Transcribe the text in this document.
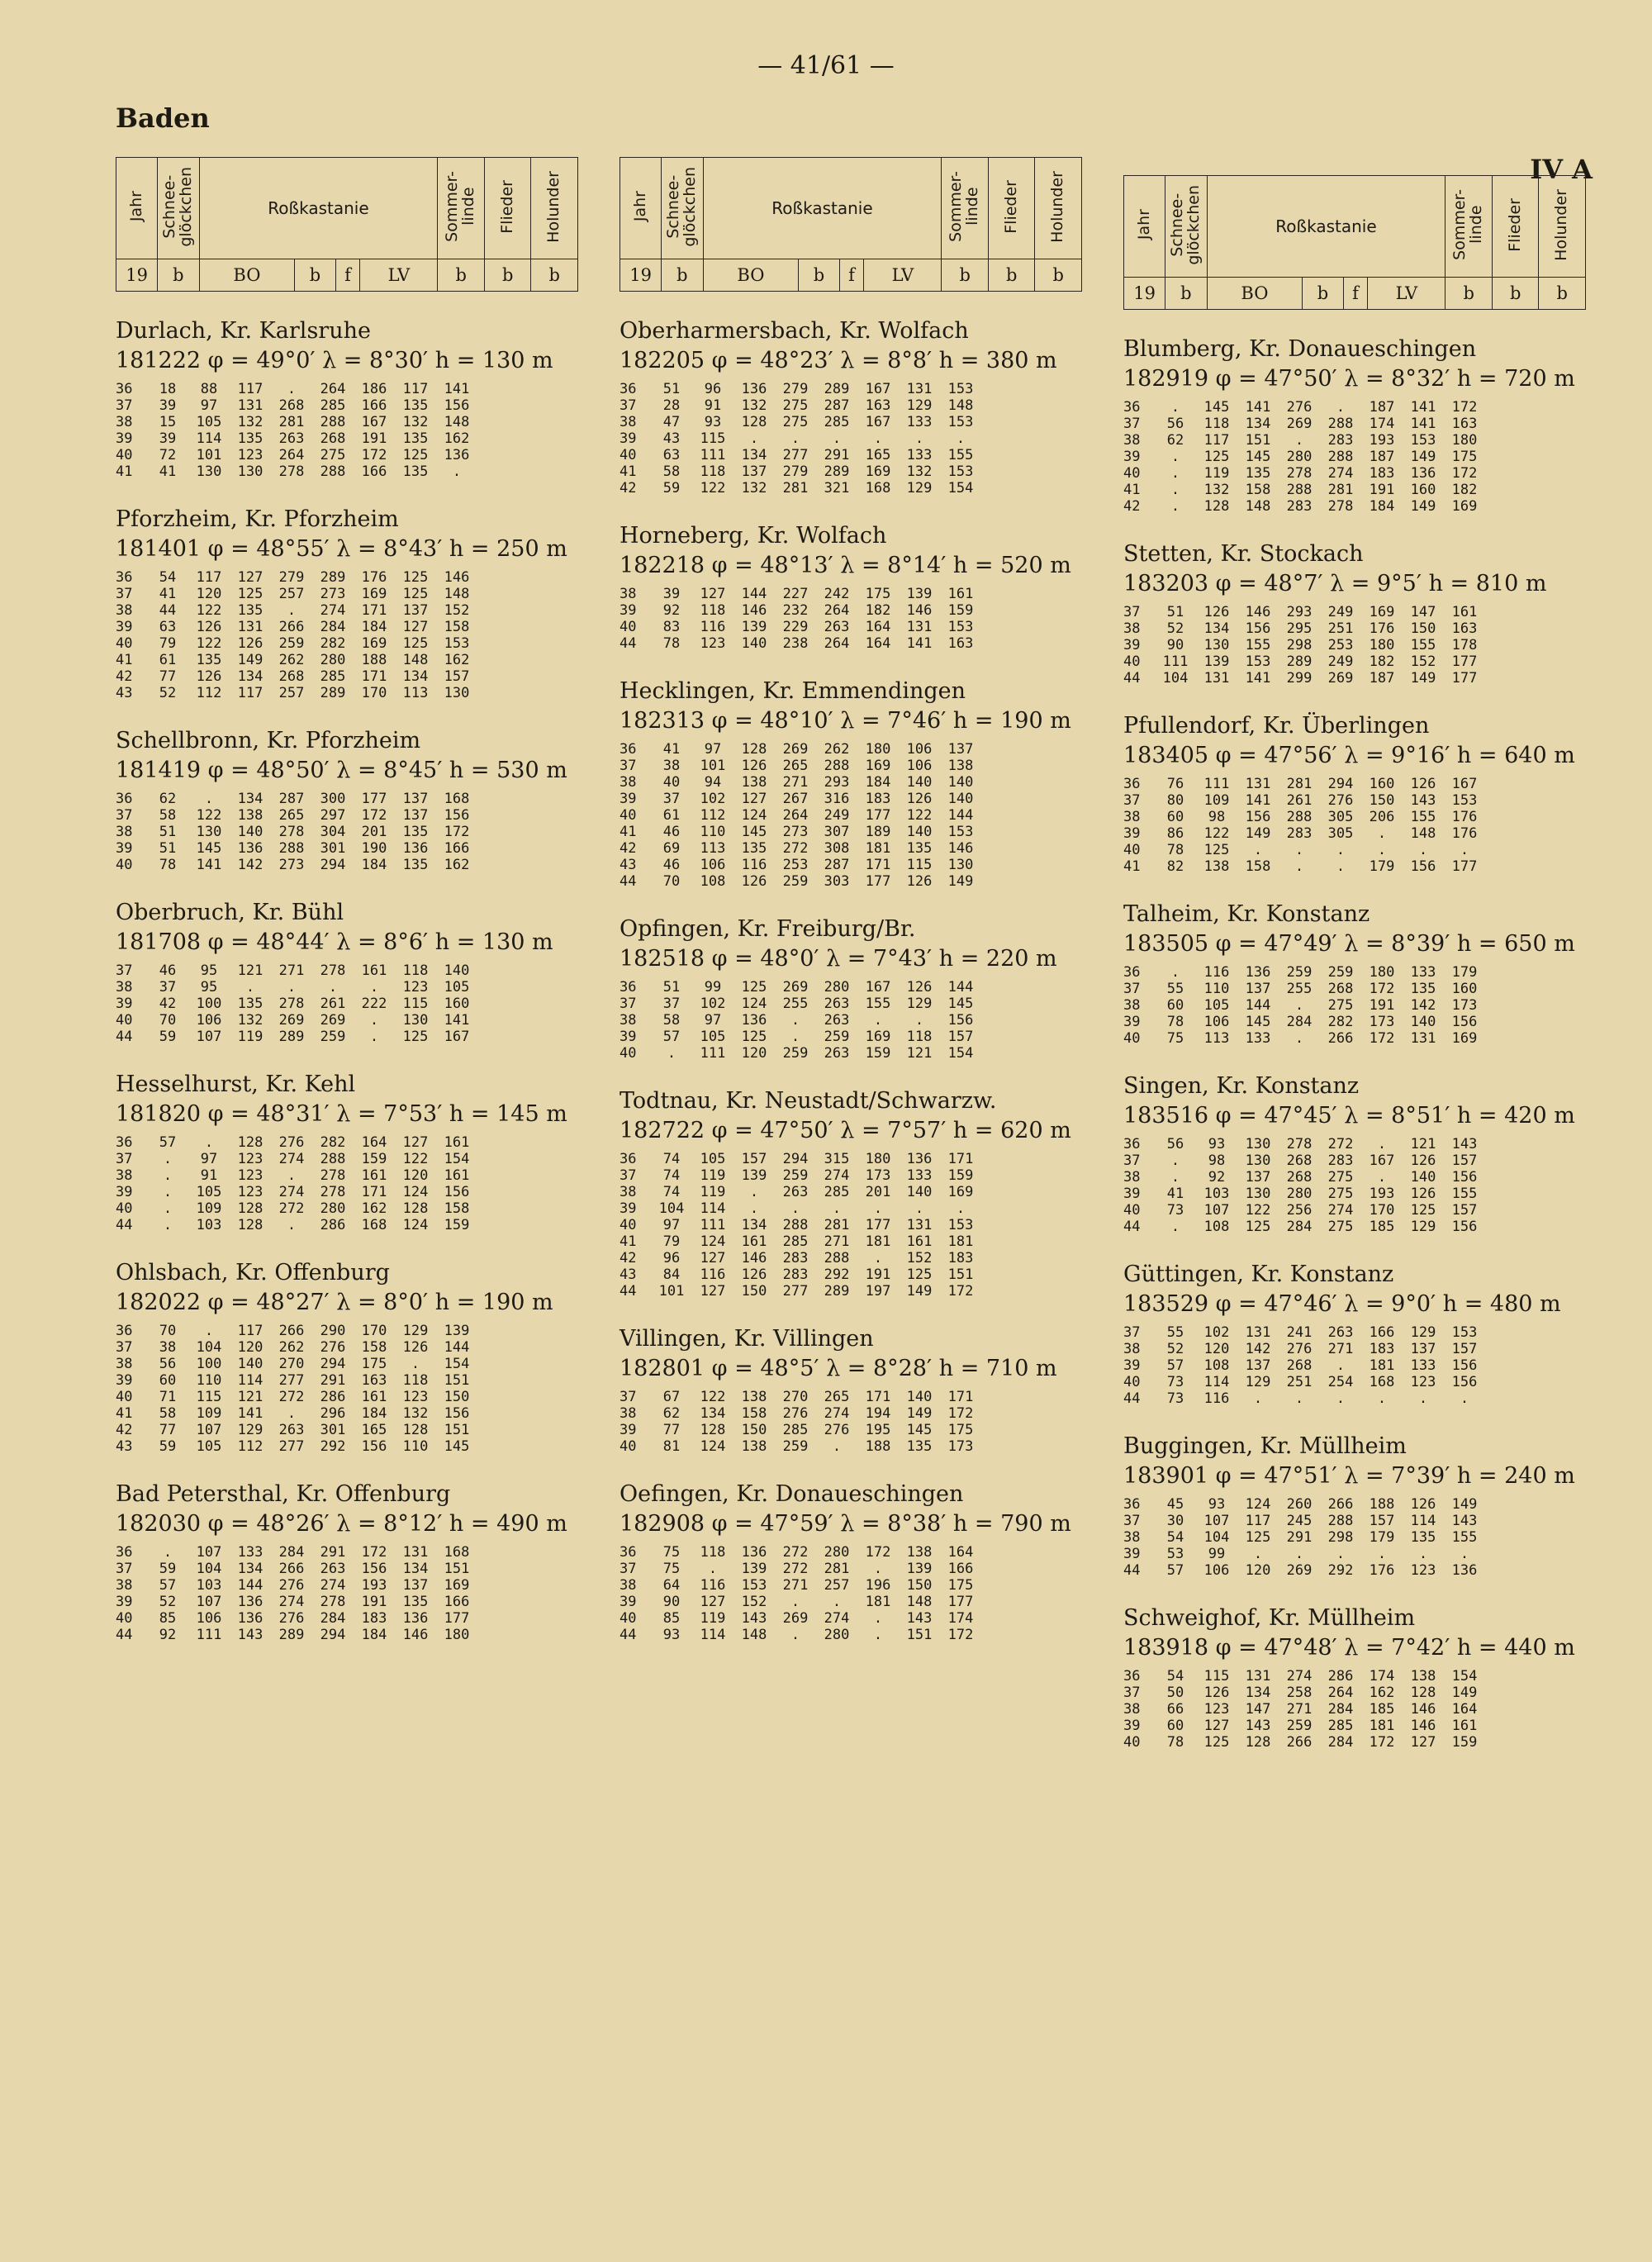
— 41/61 —
Baden
IV A
Jahr	Schnee-
glöckchen	Roßkastanie				Sommer-
linde	Flieder	Holunder
19	b	BO	b	f	LV	b	b	b
Durlach, Kr. Karlsruhe
181222 φ = 49°0′ λ = 8°30′ h = 130 m
36	18	88	117	.	264	186	117	141
37	39	97	131	268	285	166	135	156
38	15	105	132	281	288	167	132	148
39	39	114	135	263	268	191	135	162
40	72	101	123	264	275	172	125	136
41	41	130	130	278	288	166	135	.
Pforzheim, Kr. Pforzheim
181401 φ = 48°55′ λ = 8°43′ h = 250 m
36	54	117	127	279	289	176	125	146
37	41	120	125	257	273	169	125	148
38	44	122	135	.	274	171	137	152
39	63	126	131	266	284	184	127	158
40	79	122	126	259	282	169	125	153
41	61	135	149	262	280	188	148	162
42	77	126	134	268	285	171	134	157
43	52	112	117	257	289	170	113	130
Schellbronn, Kr. Pforzheim
181419 φ = 48°50′ λ = 8°45′ h = 530 m
36	62	.	134	287	300	177	137	168
37	58	122	138	265	297	172	137	156
38	51	130	140	278	304	201	135	172
39	51	145	136	288	301	190	136	166
40	78	141	142	273	294	184	135	162
Oberbruch, Kr. Bühl
181708 φ = 48°44′ λ = 8°6′ h = 130 m
37	46	95	121	271	278	161	118	140
38	37	95	.	.	.	.	123	105
39	42	100	135	278	261	222	115	160
40	70	106	132	269	269	.	130	141
44	59	107	119	289	259	.	125	167
Hesselhurst, Kr. Kehl
181820 φ = 48°31′ λ = 7°53′ h = 145 m
36	57	.	128	276	282	164	127	161
37	.	97	123	274	288	159	122	154
38	.	91	123	.	278	161	120	161
39	.	105	123	274	278	171	124	156
40	.	109	128	272	280	162	128	158
44	.	103	128	.	286	168	124	159
Ohlsbach, Kr. Offenburg
182022 φ = 48°27′ λ = 8°0′ h = 190 m
36	70	.	117	266	290	170	129	139
37	38	104	120	262	276	158	126	144
38	56	100	140	270	294	175	.	154
39	60	110	114	277	291	163	118	151
40	71	115	121	272	286	161	123	150
41	58	109	141	.	296	184	132	156
42	77	107	129	263	301	165	128	151
43	59	105	112	277	292	156	110	145
Bad Petersthal, Kr. Offenburg
182030 φ = 48°26′ λ = 8°12′ h = 490 m
36	.	107	133	284	291	172	131	168
37	59	104	134	266	263	156	134	151
38	57	103	144	276	274	193	137	169
39	52	107	136	274	278	191	135	166
40	85	106	136	276	284	183	136	177
44	92	111	143	289	294	184	146	180
Jahr	Schnee-
glöckchen	Roßkastanie				Sommer-
linde	Flieder	Holunder
19	b	BO	b	f	LV	b	b	b
Oberharmersbach, Kr. Wolfach
182205 φ = 48°23′ λ = 8°8′ h = 380 m
36	51	96	136	279	289	167	131	153
37	28	91	132	275	287	163	129	148
38	47	93	128	275	285	167	133	153
39	43	115	.	.	.	.	.	.
40	63	111	134	277	291	165	133	155
41	58	118	137	279	289	169	132	153
42	59	122	132	281	321	168	129	154
Horneberg, Kr. Wolfach
182218 φ = 48°13′ λ = 8°14′ h = 520 m
38	39	127	144	227	242	175	139	161
39	92	118	146	232	264	182	146	159
40	83	116	139	229	263	164	131	153
44	78	123	140	238	264	164	141	163
Hecklingen, Kr. Emmendingen
182313 φ = 48°10′ λ = 7°46′ h = 190 m
36	41	97	128	269	262	180	106	137
37	38	101	126	265	288	169	106	138
38	40	94	138	271	293	184	140	140
39	37	102	127	267	316	183	126	140
40	61	112	124	264	249	177	122	144
41	46	110	145	273	307	189	140	153
42	69	113	135	272	308	181	135	146
43	46	106	116	253	287	171	115	130
44	70	108	126	259	303	177	126	149
Opfingen, Kr. Freiburg/Br.
182518 φ = 48°0′ λ = 7°43′ h = 220 m
36	51	99	125	269	280	167	126	144
37	37	102	124	255	263	155	129	145
38	58	97	136	.	263	.	.	156
39	57	105	125	.	259	169	118	157
40	.	111	120	259	263	159	121	154
Todtnau, Kr. Neustadt/Schwarzw.
182722 φ = 47°50′ λ = 7°57′ h = 620 m
36	74	105	157	294	315	180	136	171
37	74	119	139	259	274	173	133	159
38	74	119	.	263	285	201	140	169
39	104	114	.	.	.	.	.	.
40	97	111	134	288	281	177	131	153
41	79	124	161	285	271	181	161	181
42	96	127	146	283	288	.	152	183
43	84	116	126	283	292	191	125	151
44	101	127	150	277	289	197	149	172
Villingen, Kr. Villingen
182801 φ = 48°5′ λ = 8°28′ h = 710 m
37	67	122	138	270	265	171	140	171
38	62	134	158	276	274	194	149	172
39	77	128	150	285	276	195	145	175
40	81	124	138	259	.	188	135	173
Oefingen, Kr. Donaueschingen
182908 φ = 47°59′ λ = 8°38′ h = 790 m
36	75	118	136	272	280	172	138	164
37	75	.	139	272	281	.	139	166
38	64	116	153	271	257	196	150	175
39	90	127	152	.	.	181	148	177
40	85	119	143	269	274	.	143	174
44	93	114	148	.	280	.	151	172
Jahr	Schnee-
glöckchen	Roßkastanie				Sommer-
linde	Flieder	Holunder
19	b	BO	b	f	LV	b	b	b
Blumberg, Kr. Donaueschingen
182919 φ = 47°50′ λ = 8°32′ h = 720 m
36	.	145	141	276	.	187	141	172
37	56	118	134	269	288	174	141	163
38	62	117	151	.	283	193	153	180
39	.	125	145	280	288	187	149	175
40	.	119	135	278	274	183	136	172
41	.	132	158	288	281	191	160	182
42	.	128	148	283	278	184	149	169
Stetten, Kr. Stockach
183203 φ = 48°7′ λ = 9°5′ h = 810 m
37	51	126	146	293	249	169	147	161
38	52	134	156	295	251	176	150	163
39	90	130	155	298	253	180	155	178
40	111	139	153	289	249	182	152	177
44	104	131	141	299	269	187	149	177
Pfullendorf, Kr. Überlingen
183405 φ = 47°56′ λ = 9°16′ h = 640 m
36	76	111	131	281	294	160	126	167
37	80	109	141	261	276	150	143	153
38	60	98	156	288	305	206	155	176
39	86	122	149	283	305	.	148	176
40	78	125	.	.	.	.	.	.
41	82	138	158	.	.	179	156	177
Talheim, Kr. Konstanz
183505 φ = 47°49′ λ = 8°39′ h = 650 m
36	.	116	136	259	259	180	133	179
37	55	110	137	255	268	172	135	160
38	60	105	144	.	275	191	142	173
39	78	106	145	284	282	173	140	156
40	75	113	133	.	266	172	131	169
Singen, Kr. Konstanz
183516 φ = 47°45′ λ = 8°51′ h = 420 m
36	56	93	130	278	272	.	121	143
37	.	98	130	268	283	167	126	157
38	.	92	137	268	275	.	140	156
39	41	103	130	280	275	193	126	155
40	73	107	122	256	274	170	125	157
44	.	108	125	284	275	185	129	156
Güttingen, Kr. Konstanz
183529 φ = 47°46′ λ = 9°0′ h = 480 m
37	55	102	131	241	263	166	129	153
38	52	120	142	276	271	183	137	157
39	57	108	137	268	.	181	133	156
40	73	114	129	251	254	168	123	156
44	73	116	.	.	.	.	.	.
Buggingen, Kr. Müllheim
183901 φ = 47°51′ λ = 7°39′ h = 240 m
36	45	93	124	260	266	188	126	149
37	30	107	117	245	288	157	114	143
38	54	104	125	291	298	179	135	155
39	53	99	.	.	.	.	.	.
44	57	106	120	269	292	176	123	136
Schweighof, Kr. Müllheim
183918 φ = 47°48′ λ = 7°42′ h = 440 m
36	54	115	131	274	286	174	138	154
37	50	126	134	258	264	162	128	149
38	66	123	147	271	284	185	146	164
39	60	127	143	259	285	181	146	161
40	78	125	128	266	284	172	127	159
